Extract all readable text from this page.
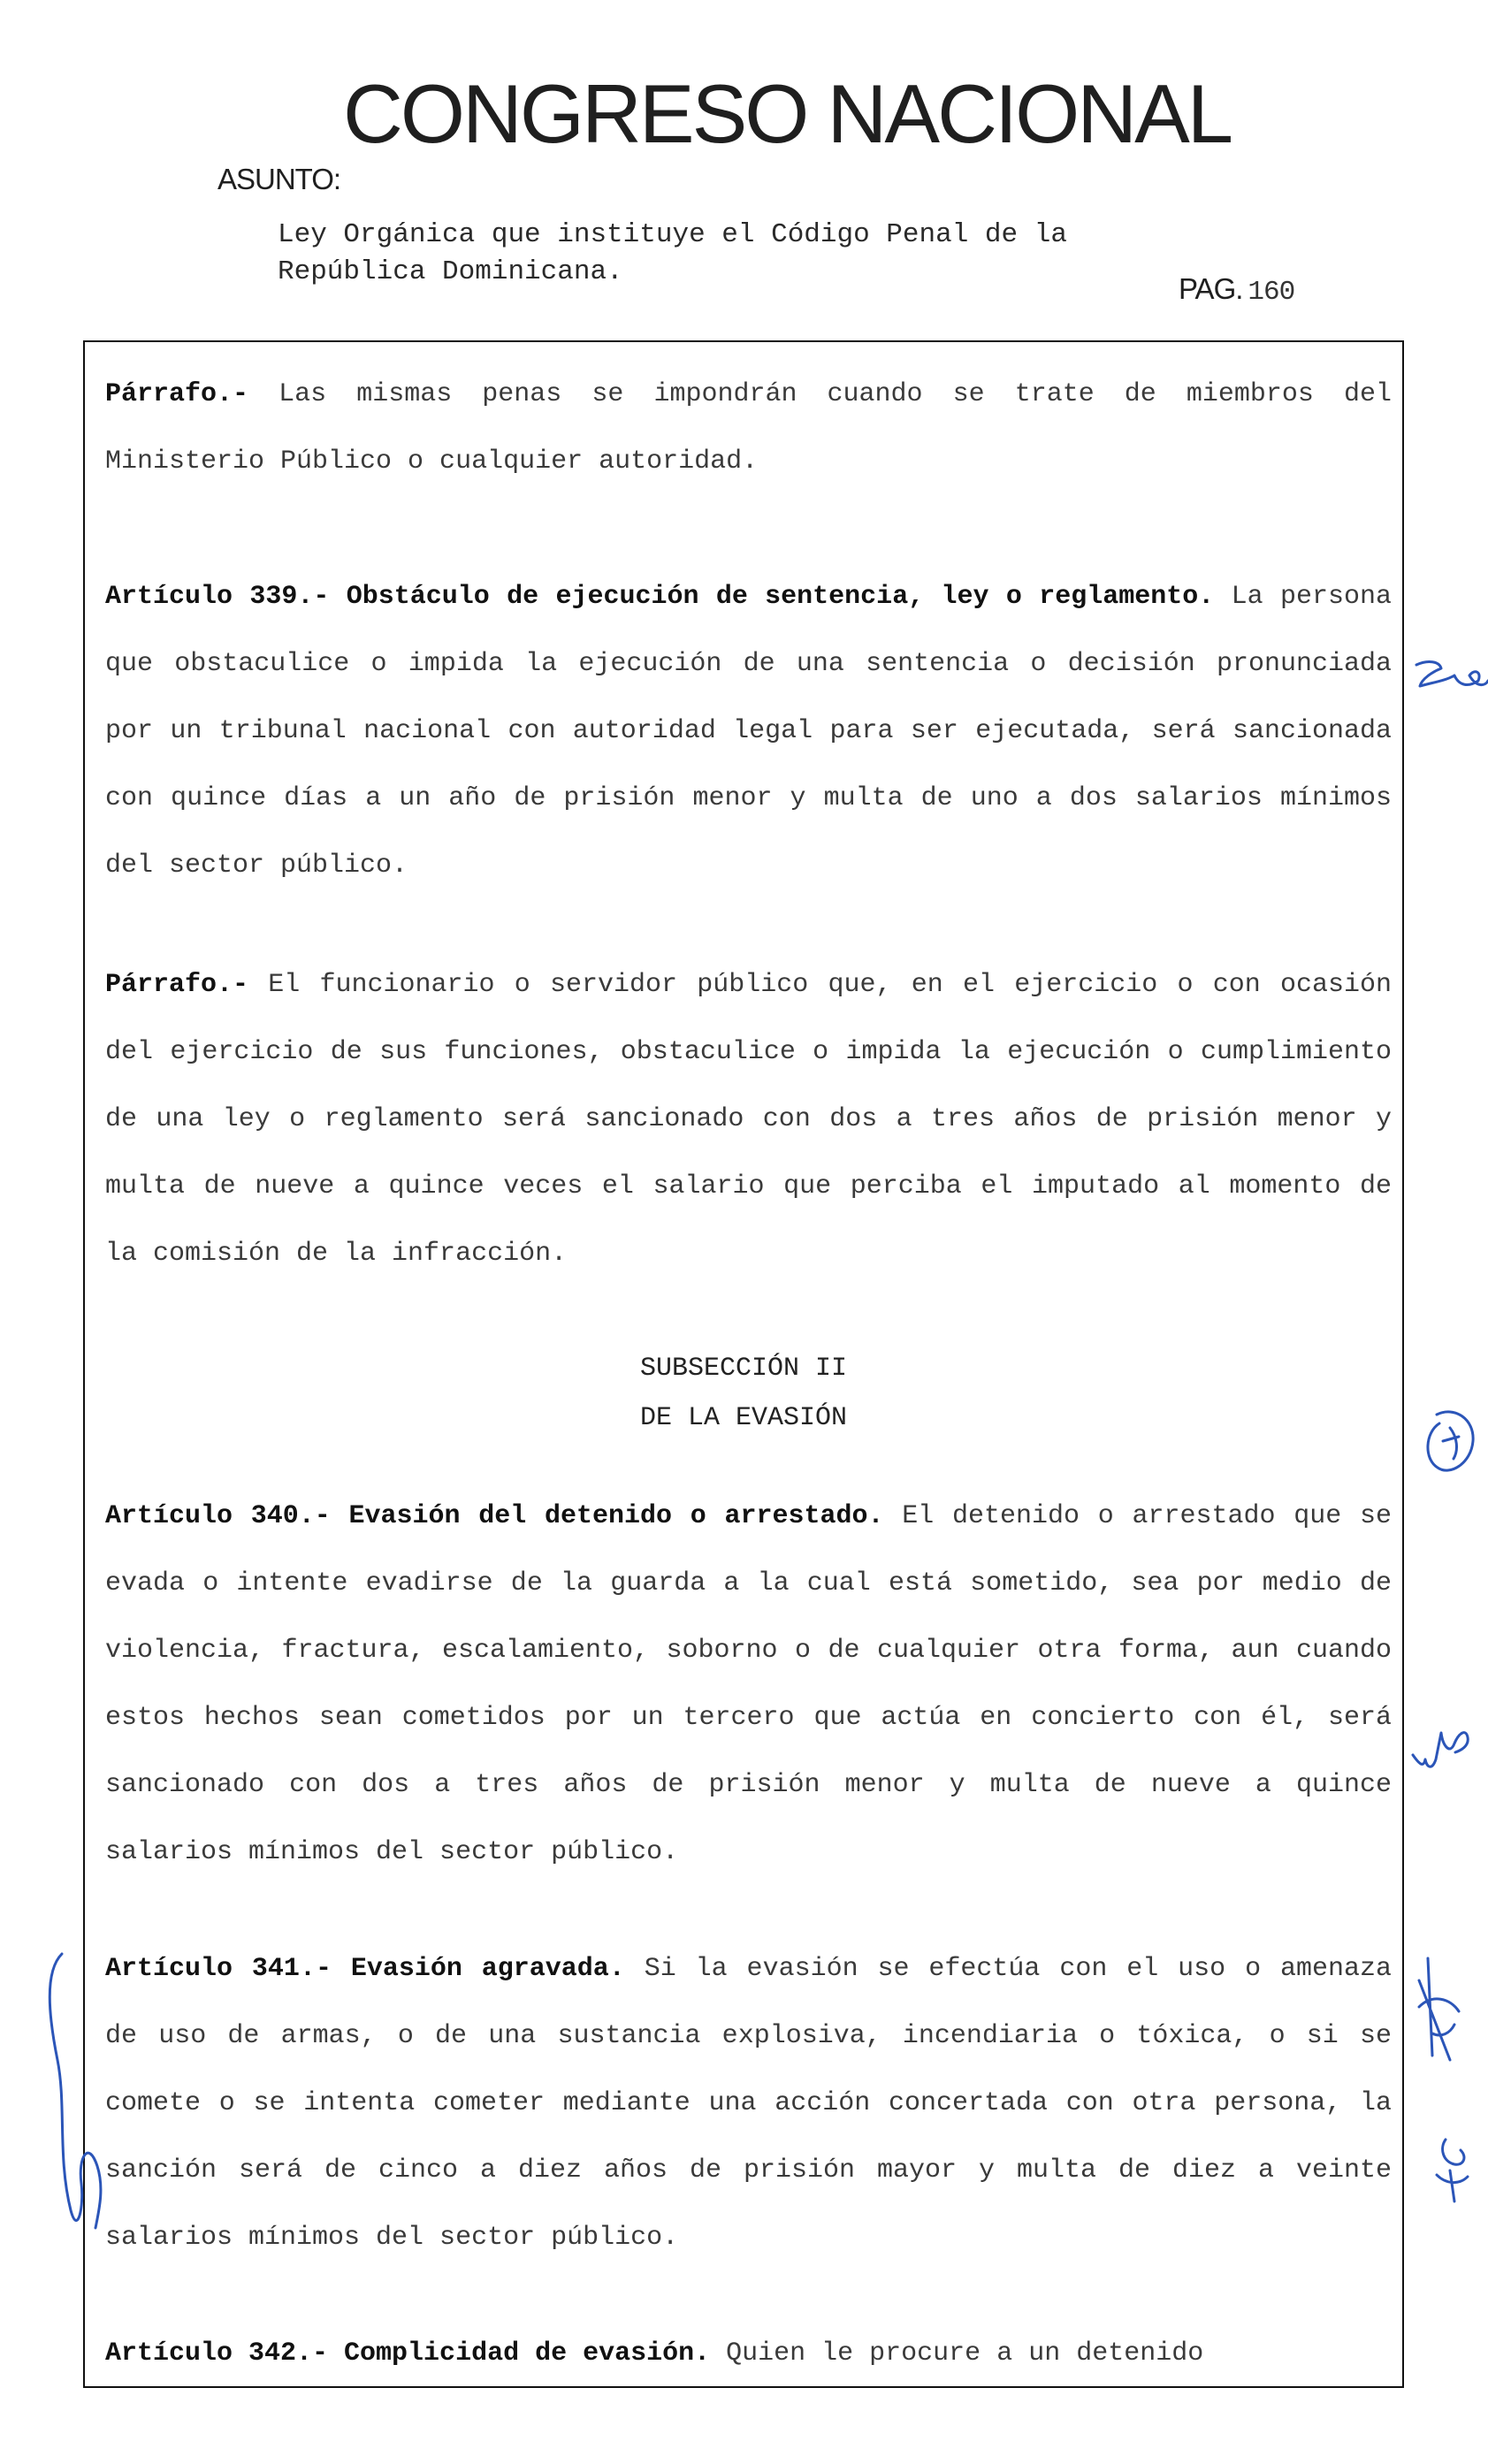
CONGRESO NACIONAL
ASUNTO:
Ley Orgánica que instituye el Código Penal de la
República Dominicana.
PAG. 160
Párrafo.- Las mismas penas se impondrán cuando se trate de miembros del Ministerio Público o cualquier autoridad.
Artículo 339.- Obstáculo de ejecución de sentencia, ley o reglamento. La persona que obstaculice o impida la ejecución de una sentencia o decisión pronunciada por un tribunal nacional con autoridad legal para ser ejecutada, será sancionada con quince días a un año de prisión menor y multa de uno a dos salarios mínimos del sector público.
Párrafo.- El funcionario o servidor público que, en el ejercicio o con ocasión del ejercicio de sus funciones, obstaculice o impida la ejecución o cumplimiento de una ley o reglamento será sancionado con dos a tres años de prisión menor y multa de nueve a quince veces el salario que perciba el imputado al momento de la comisión de la infracción.
SUBSECCIÓN II
DE LA EVASIÓN
Artículo 340.- Evasión del detenido o arrestado. El detenido o arrestado que se evada o intente evadirse de la guarda a la cual está sometido, sea por medio de violencia, fractura, escalamiento, soborno o de cualquier otra forma, aun cuando estos hechos sean cometidos por un tercero que actúa en concierto con él, será sancionado con dos a tres años de prisión menor y multa de nueve a quince salarios mínimos del sector público.
Artículo 341.- Evasión agravada. Si la evasión se efectúa con el uso o amenaza de uso de armas, o de una sustancia explosiva, incendiaria o tóxica, o si se comete o se intenta cometer mediante una acción concertada con otra persona, la sanción será de cinco a diez años de prisión mayor y multa de diez a veinte salarios mínimos del sector público.
Artículo 342.- Complicidad de evasión. Quien le procure a un detenido
